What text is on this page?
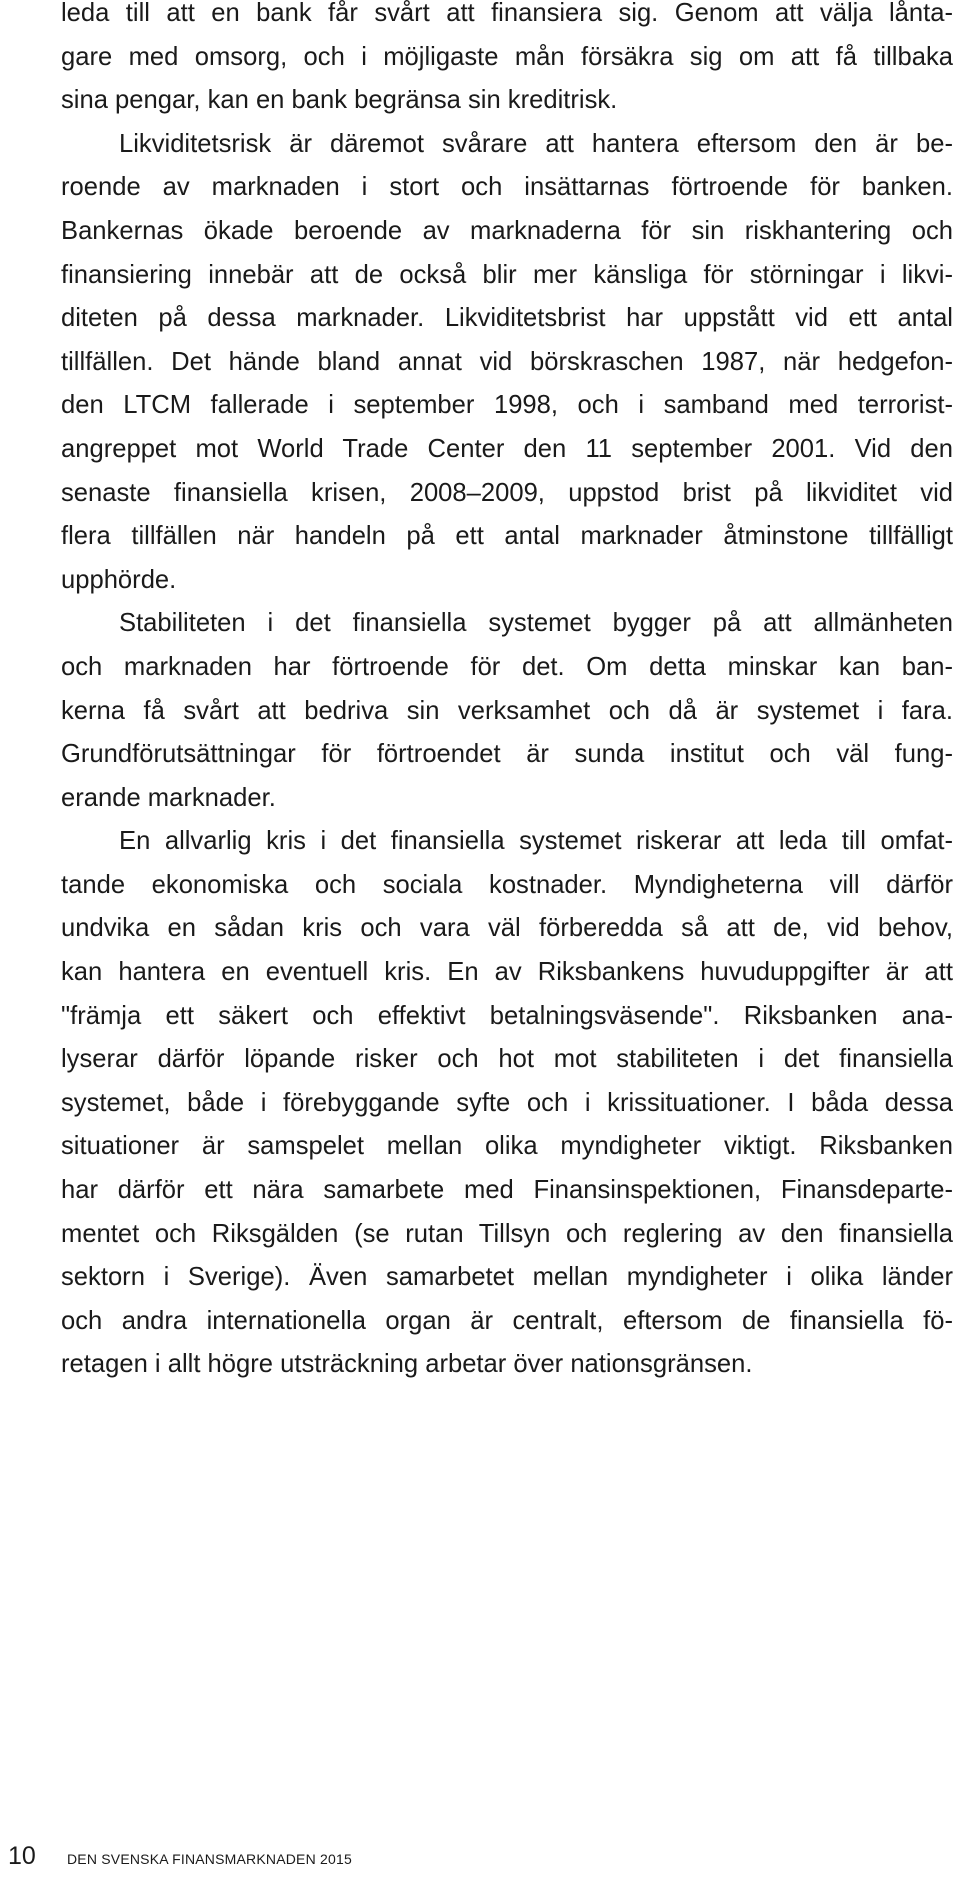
leda till att en bank får svårt att finansiera sig. Genom att välja lånta-
gare med omsorg, och i möjligaste mån försäkra sig om att få tillbaka
sina pengar, kan en bank begränsa sin kreditrisk.
Likviditetsrisk är däremot svårare att hantera eftersom den är be-
roende av marknaden i stort och insättarnas förtroende för banken.
Bankernas ökade beroende av marknaderna för sin riskhantering och
finansiering innebär att de också blir mer känsliga för störningar i likvi-
diteten på dessa marknader. Likviditetsbrist har uppstått vid ett antal
tillfällen. Det hände bland annat vid börskraschen 1987, när hedgefon-
den LTCM fallerade i september 1998, och i samband med terrorist-
angreppet mot World Trade Center den 11 september 2001. Vid den
senaste finansiella krisen, 2008–2009, uppstod brist på likviditet vid
flera tillfällen när handeln på ett antal marknader åtminstone tillfälligt
upphörde.
Stabiliteten i det finansiella systemet bygger på att allmänheten
och marknaden har förtroende för det. Om detta minskar kan ban-
kerna få svårt att bedriva sin verksamhet och då är systemet i fara.
Grundförutsättningar för förtroendet är sunda institut och väl fung-
erande marknader.
En allvarlig kris i det finansiella systemet riskerar att leda till omfat-
tande ekonomiska och sociala kostnader. Myndigheterna vill därför
undvika en sådan kris och vara väl förberedda så att de, vid behov,
kan hantera en eventuell kris. En av Riksbankens huvuduppgifter är att
"främja ett säkert och effektivt betalningsväsende". Riksbanken ana-
lyserar därför löpande risker och hot mot stabiliteten i det finansiella
systemet, både i förebyggande syfte och i krissituationer. I båda dessa
situationer är samspelet mellan olika myndigheter viktigt. Riksbanken
har därför ett nära samarbete med Finansinspektionen, Finansdeparte-
mentet och Riksgälden (se rutan Tillsyn och reglering av den finansiella
sektorn i Sverige). Även samarbetet mellan myndigheter i olika länder
och andra internationella organ är centralt, eftersom de finansiella fö-
retagen i allt högre utsträckning arbetar över nationsgränsen.
10	DEN SVENSKA FINANSMARKNADEN 2015
